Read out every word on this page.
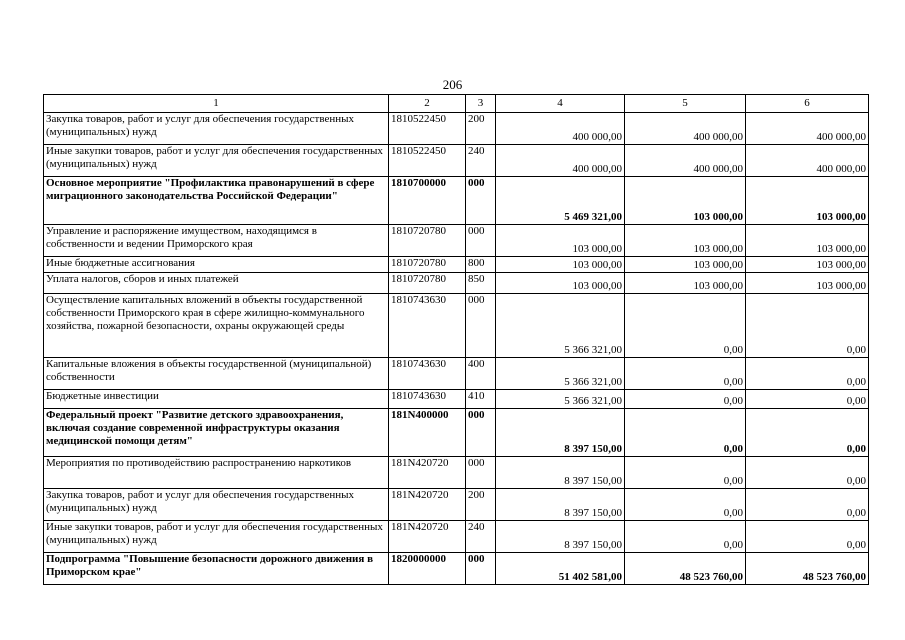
206
1	2	3	4	5	6
Закупка товаров, работ и услуг для обеспечения государственных (муниципальных) нужд	1810522450	200	400 000,00	400 000,00	400 000,00
Иные закупки товаров, работ и услуг для обеспечения государственных (муниципальных) нужд	1810522450	240	400 000,00	400 000,00	400 000,00
Основное мероприятие "Профилактика правонарушений в сфере миграционного законодательства Российской Федерации"	1810700000	000	5 469 321,00	103 000,00	103 000,00
Управление и распоряжение имуществом, находящимся в собственности и ведении Приморского края	1810720780	000	103 000,00	103 000,00	103 000,00
Иные бюджетные ассигнования	1810720780	800	103 000,00	103 000,00	103 000,00
Уплата налогов, сборов и иных платежей	1810720780	850	103 000,00	103 000,00	103 000,00
Осуществление капитальных вложений в объекты государственной собственности Приморского края в сфере жилищно-коммунального хозяйства, пожарной безопасности, охраны окружающей среды	1810743630	000	5 366 321,00	0,00	0,00
Капитальные вложения в объекты государственной (муниципальной) собственности	1810743630	400	5 366 321,00	0,00	0,00
Бюджетные инвестиции	1810743630	410	5 366 321,00	0,00	0,00
Федеральный проект "Развитие детского здравоохранения, включая создание современной инфраструктуры оказания медицинской помощи детям"	181N400000	000	8 397 150,00	0,00	0,00
Мероприятия по противодействию распространению наркотиков	181N420720	000	8 397 150,00	0,00	0,00
Закупка товаров, работ и услуг для обеспечения государственных (муниципальных) нужд	181N420720	200	8 397 150,00	0,00	0,00
Иные закупки товаров, работ и услуг для обеспечения государственных (муниципальных) нужд	181N420720	240	8 397 150,00	0,00	0,00
Подпрограмма "Повышение безопасности дорожного движения в Приморском крае"	1820000000	000	51 402 581,00	48 523 760,00	48 523 760,00
